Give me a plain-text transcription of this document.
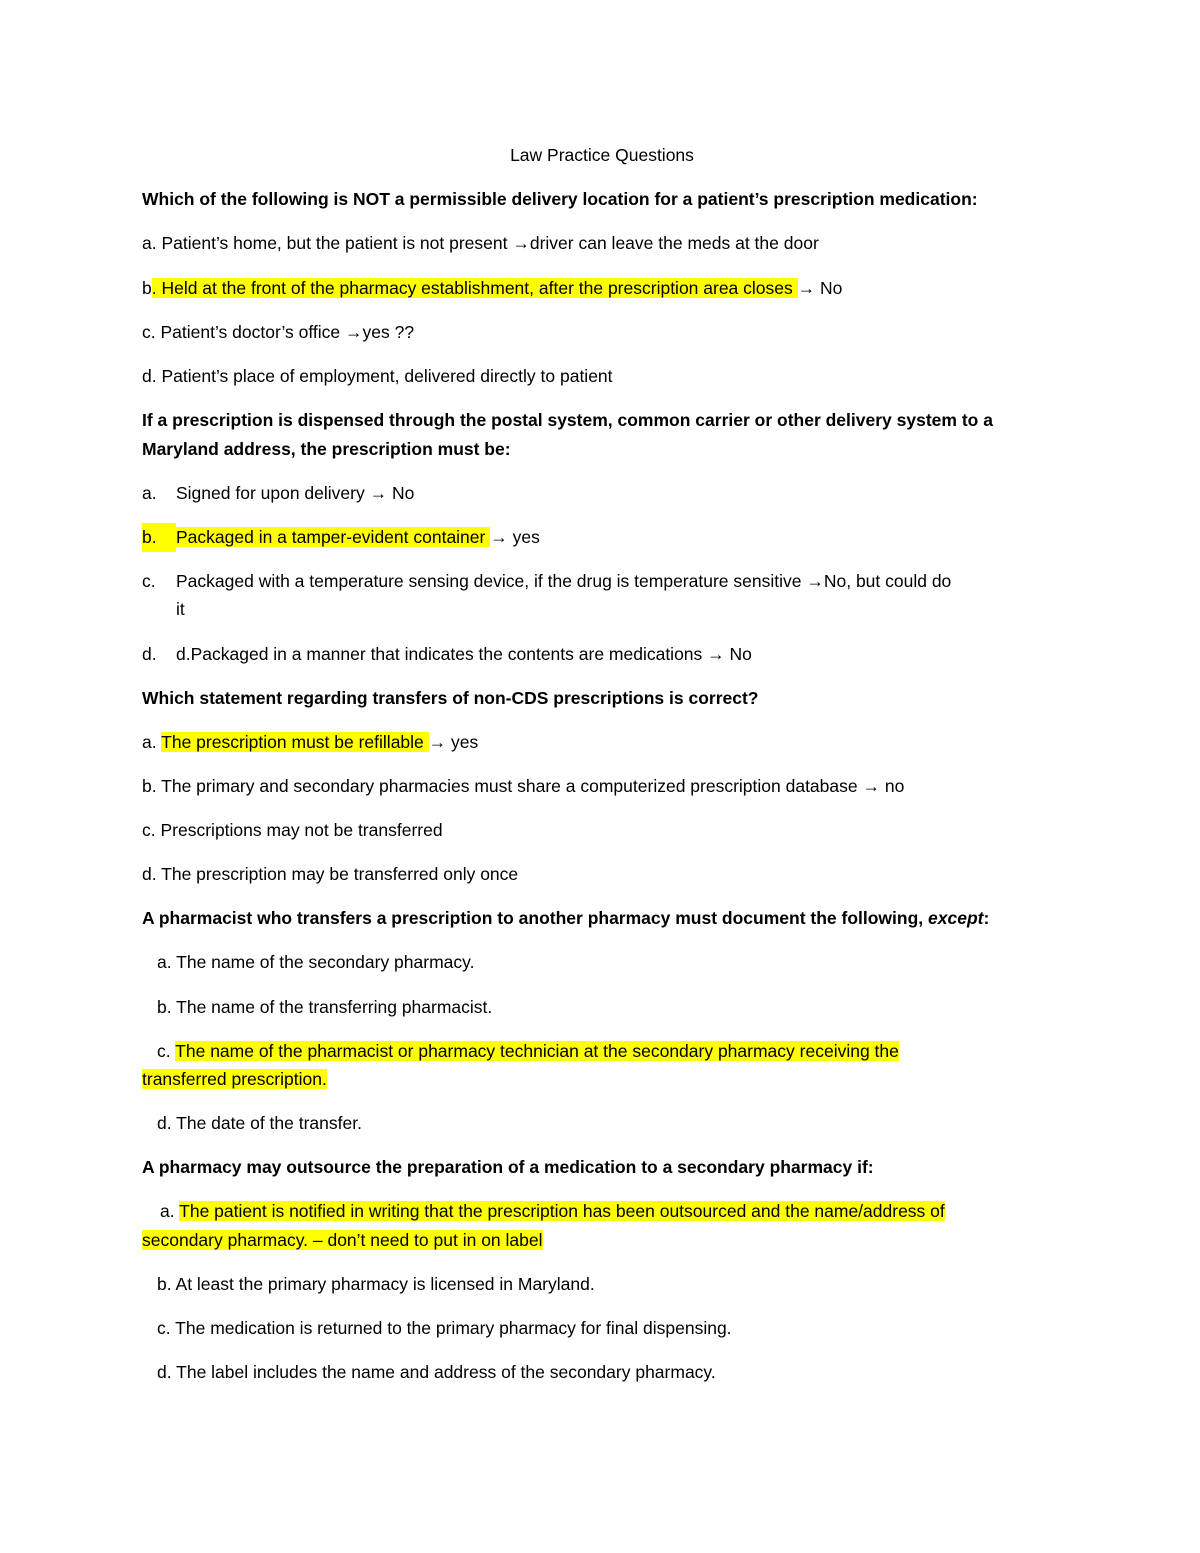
Law Practice Questions
Which of the following is NOT a permissible delivery location for a patient’s prescription medication:
a. Patient’s home, but the patient is not present →driver can leave the meds at the door
b. Held at the front of the pharmacy establishment, after the prescription area closes → No
c. Patient’s doctor’s office →yes ??
d. Patient’s place of employment, delivered directly to patient
If a prescription is dispensed through the postal system, common carrier or other delivery system to a
Maryland address, the prescription must be:
a. Signed for upon delivery → No
b. Packaged in a tamper-evident container → yes
c. Packaged with a temperature sensing device, if the drug is temperature sensitive →No, but could do
it
d. d.Packaged in a manner that indicates the contents are medications → No
Which statement regarding transfers of non-CDS prescriptions is correct?
a. The prescription must be refillable → yes
b. The primary and secondary pharmacies must share a computerized prescription database → no
c. Prescriptions may not be transferred
d. The prescription may be transferred only once
A pharmacist who transfers a prescription to another pharmacy must document the following, except:
a. The name of the secondary pharmacy.
b. The name of the transferring pharmacist.
c. The name of the pharmacist or pharmacy technician at the secondary pharmacy receiving the
transferred prescription.
d. The date of the transfer.
A pharmacy may outsource the preparation of a medication to a secondary pharmacy if:
a. The patient is notified in writing that the prescription has been outsourced and the name/address of
secondary pharmacy. – don’t need to put in on label
b. At least the primary pharmacy is licensed in Maryland.
c. The medication is returned to the primary pharmacy for final dispensing.
d. The label includes the name and address of the secondary pharmacy.
